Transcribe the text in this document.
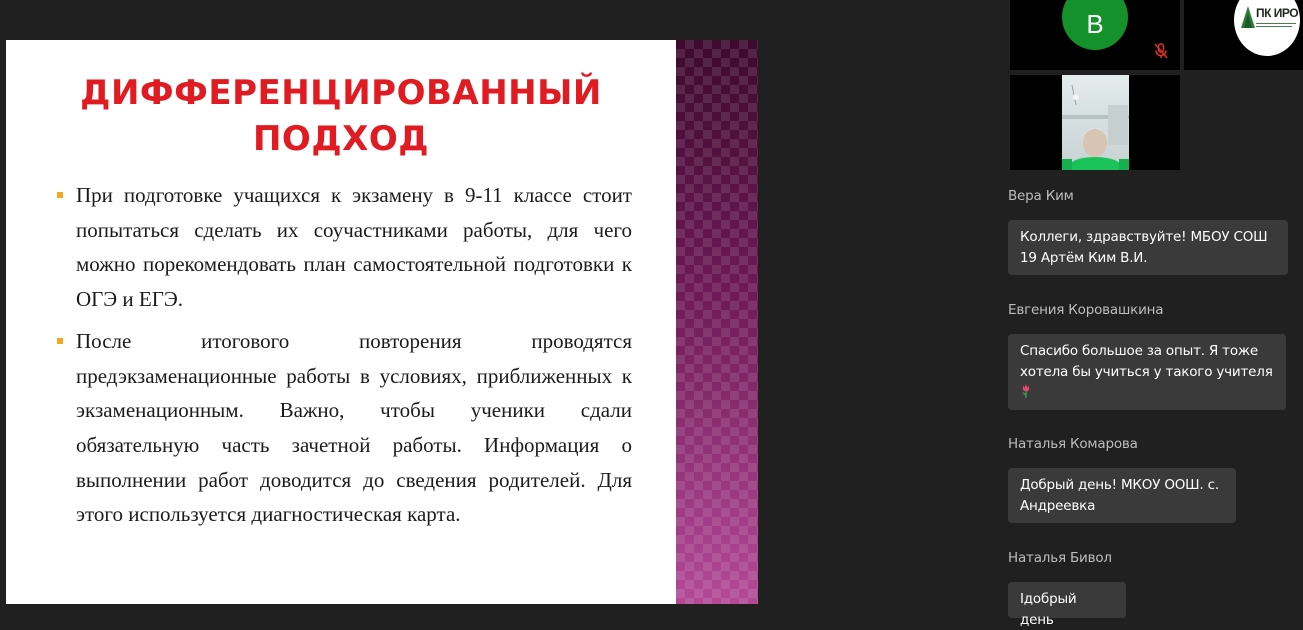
ДИФФЕРЕНЦИРОВАННЫЙ ПОДХОД
При подготовке учащихся к экзамену в 9-11 классе стоит попытаться сделать их соучастниками работы, для чего можно порекомендовать план самостоятельной подготовки к ОГЭ и ЕГЭ.
После итогового повторения проводятся предэкзаменационные работы в условиях, приближенных к экзаменационным. Важно, чтобы ученики сдали обязательную часть зачетной работы. Информация о выполнении работ доводится до сведения родителей. Для этого используется диагностическая карта.
В	ПК ИРО
Вера Ким
Коллеги, здравствуйте! МБОУ СОШ 19 Артём Ким В.И.
Евгения Коровашкина
Спасибо большое за опыт. Я тоже хотела бы учиться у такого учителя
Наталья Комарова
Добрый день! МКОУ ООШ. с. Андреевка
Наталья Бивол
Iдобрый день
